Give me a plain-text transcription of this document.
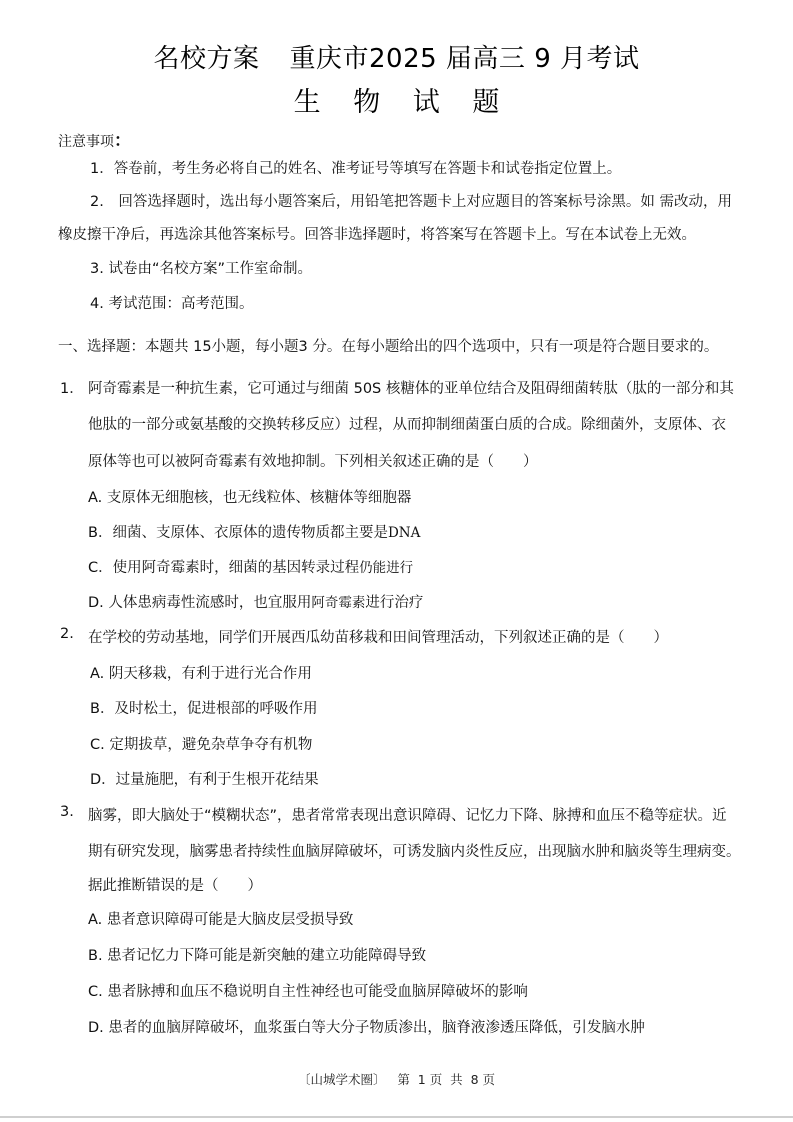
名校方案 重庆市2025 届高三 9 月考试
生 物 试 题
注意事项：
1．答卷前，考生务必将自己的姓名、准考证号等填写在答题卡和试卷指定位置上。
2.　回答选择题时，选出每小题答案后，用铅笔把答题卡上对应题目的答案标号涂黑。如 需改动，用
橡皮擦干净后，再选涂其他答案标号。回答非选择题时，将答案写在答题卡上。写在本试卷上无效。
3. 试卷由“名校方案”工作室命制。
4. 考试范围：高考范围。
一、选择题：本题共 15小题，每小题3 分。在每小题给出的四个选项中，只有一项是符合题目要求的。
1． 阿奇霉素是一种抗生素，它可通过与细菌 50S 核糖体的亚单位结合及阻碍细菌转肽（肽的一部分和其
他肽的一部分或氨基酸的交换转移反应）过程，从而抑制细菌蛋白质的合成。除细菌外，支原体、衣
原体等也可以被阿奇霉素有效地抑制。下列相关叙述正确的是（　　）
A. 支原体无细胞核，也无线粒体、核糖体等细胞器
B．细菌、支原体、衣原体的遗传物质都主要是DNA
C．使用阿奇霉素时，细菌的基因转录过程仍能进行
D. 人体患病毒性流感时，也宜服用阿奇霉素进行治疗
2. 在学校的劳动基地，同学们开展西瓜幼苗移栽和田间管理活动，下列叙述正确的是（　　）
A. 阴天移栽，有利于进行光合作用
B．及时松土，促进根部的呼吸作用
C. 定期拔草，避免杂草争夺有机物
D．过量施肥，有利于生根开花结果
3. 脑雾，即大脑处于“模糊状态”，患者常常表现出意识障碍、记忆力下降、脉搏和血压不稳等症状。近
期有研究发现，脑雾患者持续性血脑屏障破坏，可诱发脑内炎性反应，出现脑水肿和脑炎等生理病变。
据此推断错误的是（　　）
A. 患者意识障碍可能是大脑皮层受损导致
B. 患者记忆力下降可能是新突触的建立功能障碍导致
C. 患者脉搏和血压不稳说明自主性神经也可能受血脑屏障破坏的影响
D. 患者的血脑屏障破坏，血浆蛋白等大分子物质渗出，脑脊液渗透压降低，引发脑水肿
〔山城学术圈〕   第  1 页  共  8 页
